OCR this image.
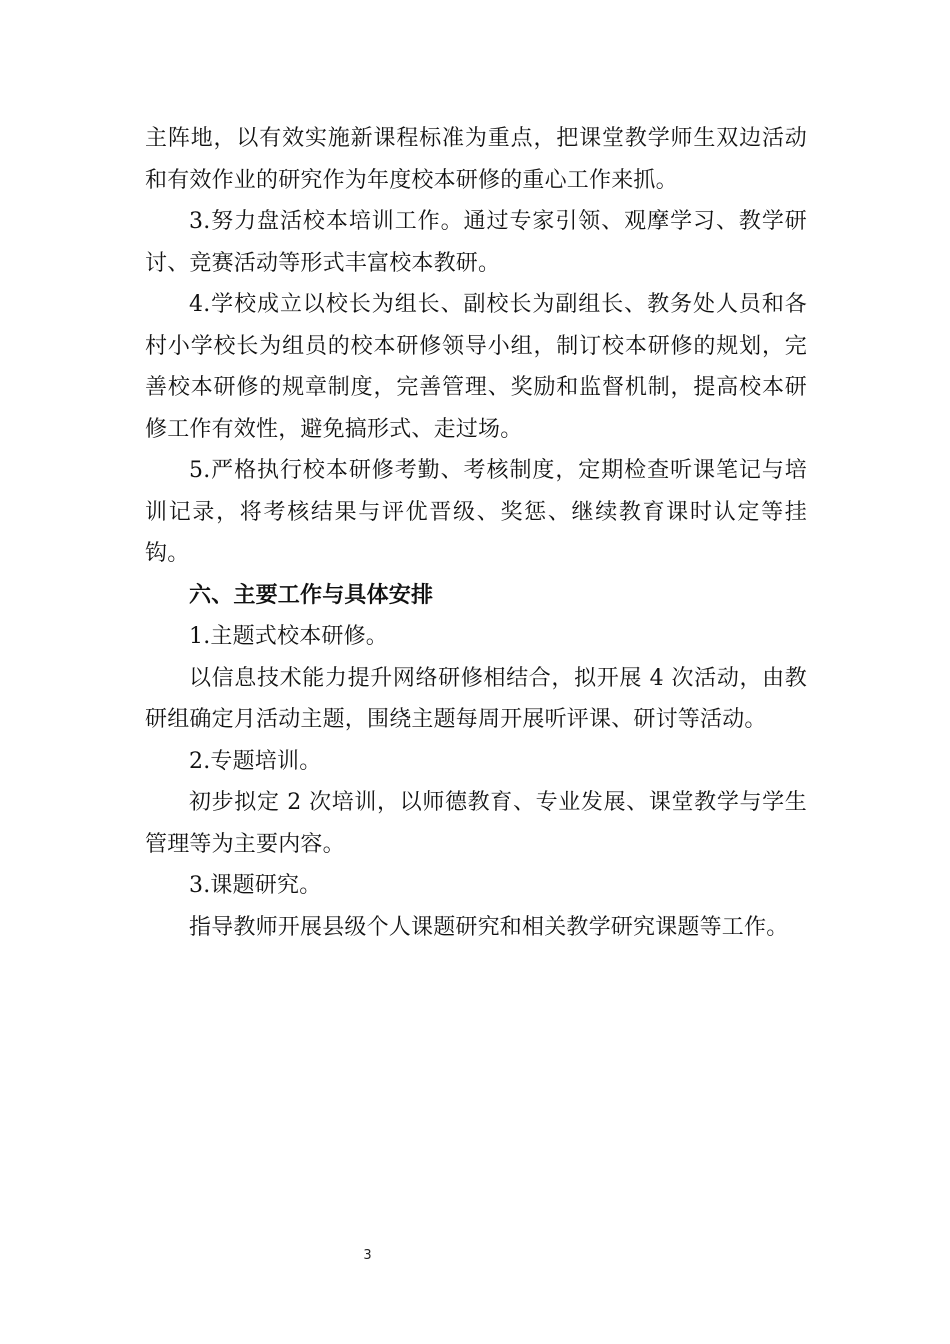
主阵地，以有效实施新课程标准为重点，把课堂教学师生双边活动和有效作业的研究作为年度校本研修的重心工作来抓。

3.努力盘活校本培训工作。通过专家引领、观摩学习、教学研讨、竞赛活动等形式丰富校本教研。

4.学校成立以校长为组长、副校长为副组长、教务处人员和各村小学校长为组员的校本研修领导小组，制订校本研修的规划，完善校本研修的规章制度，完善管理、奖励和监督机制，提高校本研修工作有效性，避免搞形式、走过场。

5.严格执行校本研修考勤、考核制度，定期检查听课笔记与培训记录，将考核结果与评优晋级、奖惩、继续教育课时认定等挂钩。

六、主要工作与具体安排

1.主题式校本研修。

以信息技术能力提升网络研修相结合，拟开展 4 次活动，由教研组确定月活动主题，围绕主题每周开展听评课、研讨等活动。

2.专题培训。

初步拟定 2 次培训，以师德教育、专业发展、课堂教学与学生管理等为主要内容。

3.课题研究。

指导教师开展县级个人课题研究和相关教学研究课题等工作。

3
